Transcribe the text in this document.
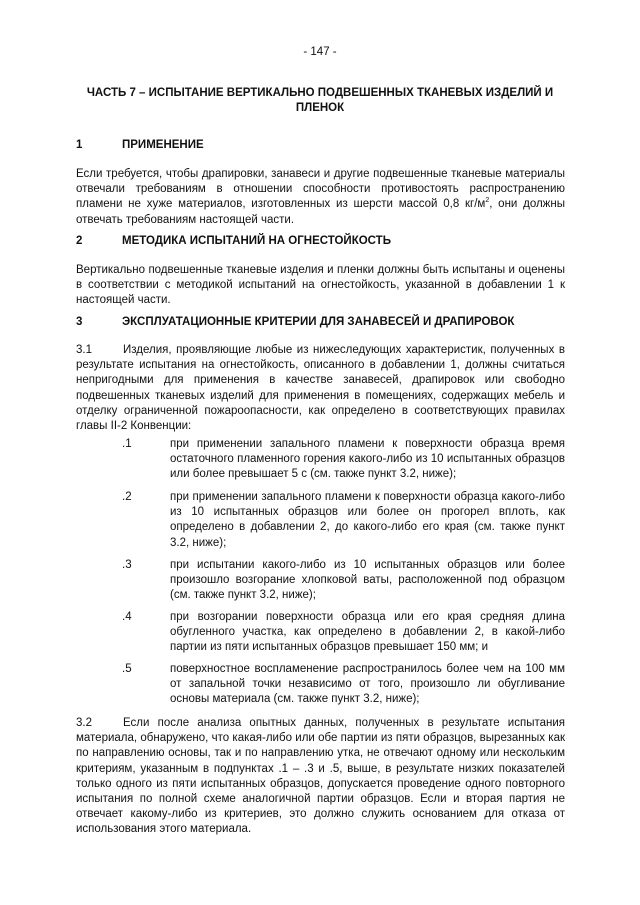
- 147 -
ЧАСТЬ 7 – ИСПЫТАНИЕ ВЕРТИКАЛЬНО ПОДВЕШЕННЫХ ТКАНЕВЫХ ИЗДЕЛИЙ И ПЛЕНОК
1	ПРИМЕНЕНИЕ
Если требуется, чтобы драпировки, занавеси и другие подвешенные тканевые материалы отвечали требованиям в отношении способности противостоять распространению пламени не хуже материалов, изготовленных из шерсти массой 0,8 $кг/м^2$, они должны отвечать требованиям настоящей части.
2	МЕТОДИКА ИСПЫТАНИЙ НА ОГНЕСТОЙКОСТЬ
Вертикально подвешенные тканевые изделия и пленки должны быть испытаны и оценены в соответствии с методикой испытаний на огнестойкость, указанной в добавлении 1 к настоящей части.
3	ЭКСПЛУАТАЦИОННЫЕ КРИТЕРИИ ДЛЯ ЗАНАВЕСЕЙ И ДРАПИРОВОК
3.1	Изделия, проявляющие любые из нижеследующих характеристик, полученных в результате испытания на огнестойкость, описанного в добавлении 1, должны считаться непригодными для применения в качестве занавесей, драпировок или свободно подвешенных тканевых изделий для применения в помещениях, содержащих мебель и отделку ограниченной пожароопасности, как определено в соответствующих правилах главы II-2 Конвенции:
.1	при применении запального пламени к поверхности образца время остаточного пламенного горения какого-либо из 10 испытанных образцов или более превышает 5 с (см. также пункт 3.2, ниже);
.2	при применении запального пламени к поверхности образца какого-либо из 10 испытанных образцов или более он прогорел вплоть, как определено в добавлении 2, до какого-либо его края (см. также пункт 3.2, ниже);
.3	при испытании какого-либо из 10 испытанных образцов или более произошло возгорание хлопковой ваты, расположенной под образцом (см. также пункт 3.2, ниже);
.4	при возгорании поверхности образца или его края средняя длина обугленного участка, как определено в добавлении 2, в какой-либо партии из пяти испытанных образцов превышает 150 мм; и
.5	поверхностное воспламенение распространилось более чем на 100 мм от запальной точки независимо от того, произошло ли обугливание основы материала (см. также пункт 3.2, ниже);
3.2	Если после анализа опытных данных, полученных в результате испытания материала, обнаружено, что какая-либо или обе партии из пяти образцов, вырезанных как по направлению основы, так и по направлению утка, не отвечают одному или нескольким критериям, указанным в подпунктах .1 – .3 и .5, выше, в результате низких показателей только одного из пяти испытанных образцов, допускается проведение одного повторного испытания по полной схеме аналогичной партии образцов. Если и вторая партия не отвечает какому-либо из критериев, это должно служить основанием для отказа от использования этого материала.
